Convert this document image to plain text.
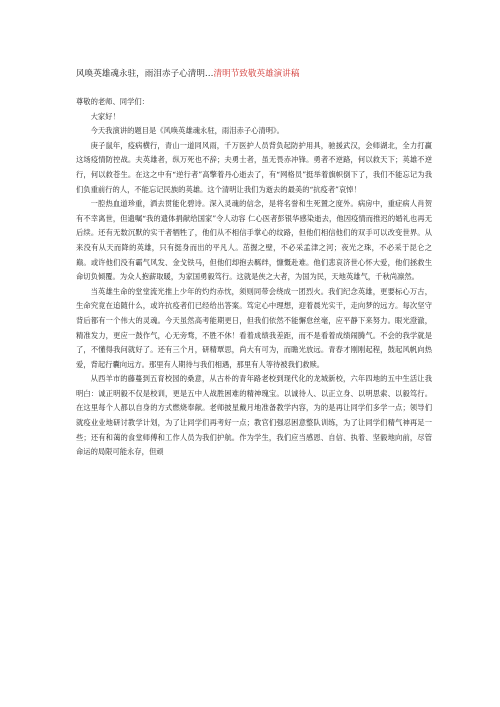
风唤英雄魂永驻，雨泪赤子心清明…清明节致敬英雄演讲稿

尊敬的老师、同学们：

大家好！

今天我演讲的题目是《风唤英雄魂永驻，雨泪赤子心清明》。

庚子鼠年，疫病横行，青山一道同风雨，千万医护人员背负起防护用具，驰援武汉，会师湖北，全力打赢这场疫情防控战。夫英雄者，纵万死也不辞；夫勇士者，虽无畏赤冲锋。勇者不逆路，何以救天下；英雄不逆行，何以救苍生。在这之中有“逆行者”高擎着丹心逝去了，有“网格员”挺举着旗帜倒下了，我们不能忘记为我们负重前行的人，不能忘记民族的英雄。这个清明让我们为逝去的最美的“抗疫者”哀悼！

一腔热血道珍重，洒去贯能化碧诗。深入灵魂的信念，是将名誉和生死置之度外。病房中，重症病人肖贺有不幸离世，但遗嘱“我的遗体捐献给国家”令人动容 仁心医者彭银华感染逝去，他因疫情而推迟的婚礼也再无后续。还有无数沉默的实干者牺牲了，他们从不相信手掌心的纹路，但他们相信他们的双手可以改变世界。从来没有从天而降的英雄，只有挺身而出的平凡人。茁握之壁，不必采孟津之河；夜光之珠，不必采于昆仑之巅。或许他们没有霸气风发、金戈铁马，但他们却抱去羁绊，慷慨赴难。他们悲哀济世心怀大爱，他们拯救生命切负倾覆。为众人抱薪取暖，为家国勇毅笃行。这就是侠之大者，为国为民，天地英雄气，千秋尚凛然。

当英雄生命的堂堂流光推上少年的灼灼赤忱，须则同带会绕成一团烈火。我们纪念英雄，更要标心万古，生命究竟在追随什么，或许抗疫者们已经给出答案。笃定心中理想，迎着晨光实干，走向梦的远方。每次坚守背后都有一个伟大的灵魂。今天虽然高考能期更日，但我们依然不能懈怠丝毫，应平静下来努力。眼光澄澈，精准发力，更应一鼓作气，心无旁骛，不胜不休！看着成绩我差距，而不是看着成绩闹腾气。不会的我学就是了，不懂得我问就好了。还有三个月，研精覃思，尚大有可为，而瞻光放远。青春才刚刚起程，鼓起风帆向热爱，背起行囊向远方。那里有人期待与我们相遇，那里有人等待被我们救赎。

从西羊市的藤蔓到五育校园的桑意，从古朴的青年路老校到现代化的龙城新校，六年四地的五中生活让我明白：诚正明毅不仅是校训，更是五中人战胜困难的精神瑰宝。以诚待人、以正立身、以明思索、以毅笃行。在这里每个人都以自身的方式燃烧奉献。老师披星戴月地准备教学内容，为的是再让同学们多学一点；领导们就疫业业地研讨教学计划，为了让同学们再考好一点；教官们强忍困意整队训练，为了让同学们精气神再足一些；还有和蔼的食堂师傅和工作人员为我们护航。作为学生，我们应当感恩、自信、执着、坚毅地向前，尽管命运的局限可能永存，但顽
